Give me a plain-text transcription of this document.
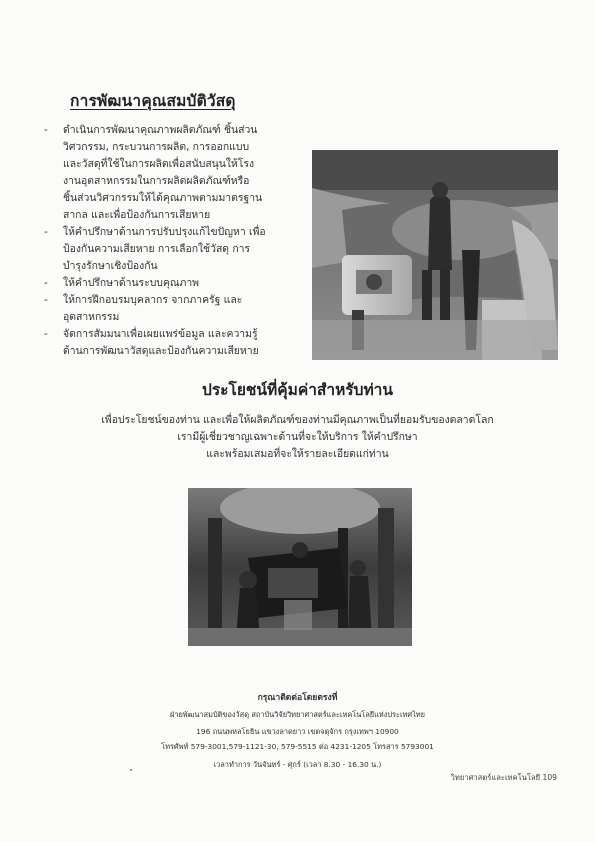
การพัฒนาคุณสมบัติวัสดุ
- ดำเนินการพัฒนาคุณภาพผลิตภัณฑ์ ชิ้นส่วน
วิศวกรรม, กระบวนการผลิต, การออกแบบ
และวัสดุที่ใช้ในการผลิตเพื่อสนับสนุนให้โรง
งานอุตสาหกรรมในการผลิตผลิตภัณฑ์หรือ
ชิ้นส่วนวิศวกรรมให้ได้คุณภาพตามมาตรฐาน
สากล และเพื่อป้องกันการเสียหาย
- ให้คำปรึกษาด้านการปรับปรุงแก้ไขปัญหา เพื่อ
ป้องกันความเสียหาย การเลือกใช้วัสดุ การ
บำรุงรักษาเชิงป้องกัน
- ให้คำปรึกษาด้านระบบคุณภาพ
- ให้การฝึกอบรมบุคลากร จากภาครัฐ และ
อุตสาหกรรม
- จัดการสัมมนาเพื่อเผยแพร่ข้อมูล และความรู้
ด้านการพัฒนาวัสดุและป้องกันความเสียหาย
ประโยชน์ที่คุ้มค่าสำหรับท่าน
เพื่อประโยชน์ของท่าน และเพื่อให้ผลิตภัณฑ์ของท่านมีคุณภาพเป็นที่ยอมรับของตลาดโลก
เรามีผู้เชี่ยวชาญเฉพาะด้านที่จะให้บริการ ให้คำปรึกษา
และพร้อมเสมอที่จะให้รายละเอียดแก่ท่าน
กรุณาติดต่อโดยตรงที่
ฝ่ายพัฒนาสมบัติของวัสดุ สถาบันวิจัยวิทยาศาสตร์และเทคโนโลยีแห่งประเทศไทย
196 ถนนพหลโยธิน แขวงลาดยาว เขตจตุจักร กรุงเทพฯ 10900
โทรศัพท์ 579-3001,579-1121-30, 579-5515 ต่อ 4231-1205 โทรสาร 5793001
เวลาทำการ วันจันทร์ - ศุกร์ (เวลา 8.30 - 16.30 น.)
วิทยาศาสตร์และเทคโนโลยี 109
